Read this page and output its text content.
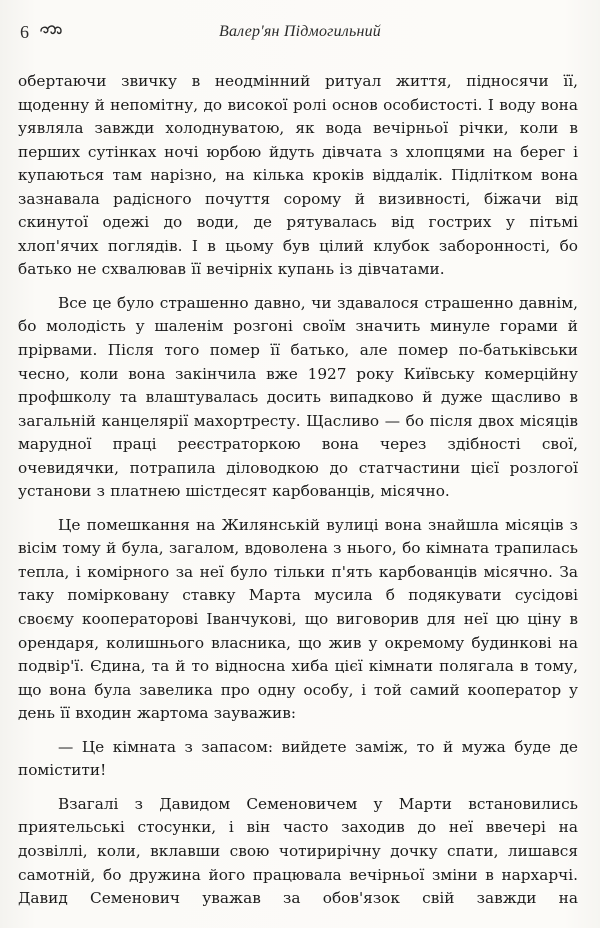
6	Валер'ян Підмогильний

обертаючи звичку в неодмінний ритуал життя, підносячи її, щоденну й непомітну, до високої ролі основ особистості. І воду вона уявляла завжди холоднуватою, як вода вечірньої річки, коли в перших сутінках ночі юрбою йдуть дівчата з хлопцями на берег і купаються там нарізно, на кілька кроків віддалік. Підлітком вона зазнавала радісного почуття сорому й визивності, біжачи від скинутої одежі до води, де рятувалась від гострих у пітьмі хлоп'ячих поглядів. І в цьому був цілий клубок заборонності, бо батько не схвалював її вечірніх купань із дівчатами.

Все це було страшенно давно, чи здавалося страшенно давнім, бо молодість у шаленім розгоні своїм значить минуле горами й прірвами. Після того помер її батько, але помер по-батьківськи чесно, коли вона закінчила вже 1927 року Київську комерційну профшколу та влаштувалась досить випадково й дуже щасливо в загальній канцелярії махортресту. Щасливо — бо після двох місяців марудної праці реєстраторкою вона через здібності свої, очевидячки, потрапила діловодкою до статчастини цієї розлогої установи з платнею шістдесят карбованців, місячно.

Це помешкання на Жилянській вулиці вона знайшла місяців з вісім тому й була, загалом, вдоволена з нього, бо кімната трапилась тепла, і комірного за неї було тільки п'ять карбованців місячно. За таку помірковану ставку Марта мусила б подякувати сусідові своєму кооператорові Іванчукові, що виговорив для неї цю ціну в орендаря, колишнього власника, що жив у окремому будинкові на подвір'ї. Єдина, та й то відносна хиба цієї кімнати полягала в тому, що вона була завелика про одну особу, і той самий кооператор у день її входин жартома зауважив:

— Це кімната з запасом: вийдете заміж, то й мужа буде де помістити!

Взагалі з Давидом Семеновичем у Марти встановились приятельські стосунки, і він часто заходив до неї ввечері на дозвіллі, коли, вклавши свою чотирирічну дочку спати, лишався самотній, бо дружина його працювала вечірньої зміни в нархарчі. Давид Семенович уважав за обов'язок свій завжди на
